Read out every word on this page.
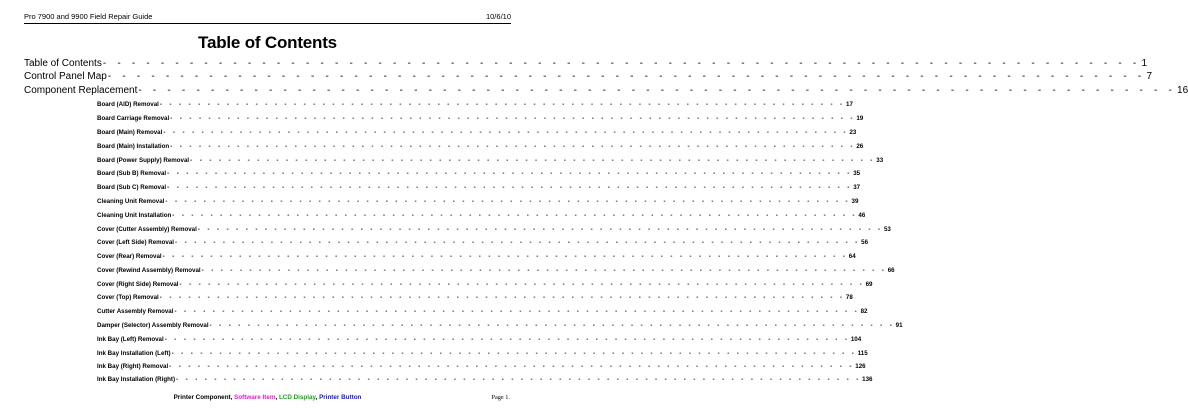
Pro 7900 and 9900 Field Repair Guide	10/6/10
Table of Contents
Table of Contents - - - - - - - - - - - - - - - - - - - - - - - - - - - - - - - - - - - - - - - - - - - - - - - - - - - - - - - - - - - - - - - - - - - - - - - - 1
Control Panel Map - - - - - - - - - - - - - - - - - - - - - - - - - - - - - - - - - - - - - - - - - - - - - - - - - - - - - - - - - - - - - - - - - - - - - - - - 7
Component Replacement - - - - - - - - - - - - - - - - - - - - - - - - - - - - - - - - - - - - - - - - - - - - - - - - - - - - - - - - - - - - - - - - - - - - - - - - 16
Board (AID) Removal - - - - - - - - - - - - - - - - - - - - - - - - - - - - - - - - - - - - - - - - - - - - - - - - - - - - - - - - - - - - - - - - - - - - - - - - 17
Board Carriage Removal - - - - - - - - - - - - - - - - - - - - - - - - - - - - - - - - - - - - - - - - - - - - - - - - - - - - - - - - - - - - - - - - - - - - - - - - 19
Board (Main) Removal - - - - - - - - - - - - - - - - - - - - - - - - - - - - - - - - - - - - - - - - - - - - - - - - - - - - - - - - - - - - - - - - - - - - - - - - 23
Board (Main) Installation - - - - - - - - - - - - - - - - - - - - - - - - - - - - - - - - - - - - - - - - - - - - - - - - - - - - - - - - - - - - - - - - - - - - - - - - 26
Board (Power Supply) Removal - - - - - - - - - - - - - - - - - - - - - - - - - - - - - - - - - - - - - - - - - - - - - - - - - - - - - - - - - - - - - - - - - - - - - - - - 33
Board (Sub B) Removal - - - - - - - - - - - - - - - - - - - - - - - - - - - - - - - - - - - - - - - - - - - - - - - - - - - - - - - - - - - - - - - - - - - - - - - - 35
Board (Sub C) Removal - - - - - - - - - - - - - - - - - - - - - - - - - - - - - - - - - - - - - - - - - - - - - - - - - - - - - - - - - - - - - - - - - - - - - - - - 37
Cleaning Unit Removal - - - - - - - - - - - - - - - - - - - - - - - - - - - - - - - - - - - - - - - - - - - - - - - - - - - - - - - - - - - - - - - - - - - - - - - - 39
Cleaning Unit Installation - - - - - - - - - - - - - - - - - - - - - - - - - - - - - - - - - - - - - - - - - - - - - - - - - - - - - - - - - - - - - - - - - - - - - - - - 46
Cover (Cutter Assembly) Removal - - - - - - - - - - - - - - - - - - - - - - - - - - - - - - - - - - - - - - - - - - - - - - - - - - - - - - - - - - - - - - - - - - - - - - - - 53
Cover (Left Side) Removal - - - - - - - - - - - - - - - - - - - - - - - - - - - - - - - - - - - - - - - - - - - - - - - - - - - - - - - - - - - - - - - - - - - - - - - - 56
Cover (Rear) Removal - - - - - - - - - - - - - - - - - - - - - - - - - - - - - - - - - - - - - - - - - - - - - - - - - - - - - - - - - - - - - - - - - - - - - - - - 64
Cover (Rewind Assembly) Removal - - - - - - - - - - - - - - - - - - - - - - - - - - - - - - - - - - - - - - - - - - - - - - - - - - - - - - - - - - - - - - - - - - - - - - - - 66
Cover (Right Side) Removal - - - - - - - - - - - - - - - - - - - - - - - - - - - - - - - - - - - - - - - - - - - - - - - - - - - - - - - - - - - - - - - - - - - - - - - - 69
Cover (Top) Removal - - - - - - - - - - - - - - - - - - - - - - - - - - - - - - - - - - - - - - - - - - - - - - - - - - - - - - - - - - - - - - - - - - - - - - - - 78
Cutter Assembly Removal - - - - - - - - - - - - - - - - - - - - - - - - - - - - - - - - - - - - - - - - - - - - - - - - - - - - - - - - - - - - - - - - - - - - - - - - 82
Damper (Selector) Assembly Removal - - - - - - - - - - - - - - - - - - - - - - - - - - - - - - - - - - - - - - - - - - - - - - - - - - - - - - - - - - - - - - - - - - - - - - - - 91
Ink Bay (Left) Removal - - - - - - - - - - - - - - - - - - - - - - - - - - - - - - - - - - - - - - - - - - - - - - - - - - - - - - - - - - - - - - - - - - - - - - - - 104
Ink Bay Installation (Left) - - - - - - - - - - - - - - - - - - - - - - - - - - - - - - - - - - - - - - - - - - - - - - - - - - - - - - - - - - - - - - - - - - - - - - - - 115
Ink Bay (Right) Removal - - - - - - - - - - - - - - - - - - - - - - - - - - - - - - - - - - - - - - - - - - - - - - - - - - - - - - - - - - - - - - - - - - - - - - - - 126
Ink Bay Installation (Right) - - - - - - - - - - - - - - - - - - - - - - - - - - - - - - - - - - - - - - - - - - - - - - - - - - - - - - - - - - - - - - - - - - - - - - - - 136
Printer Component, Software Item, LCD Display, Printer Button	Page 1.
